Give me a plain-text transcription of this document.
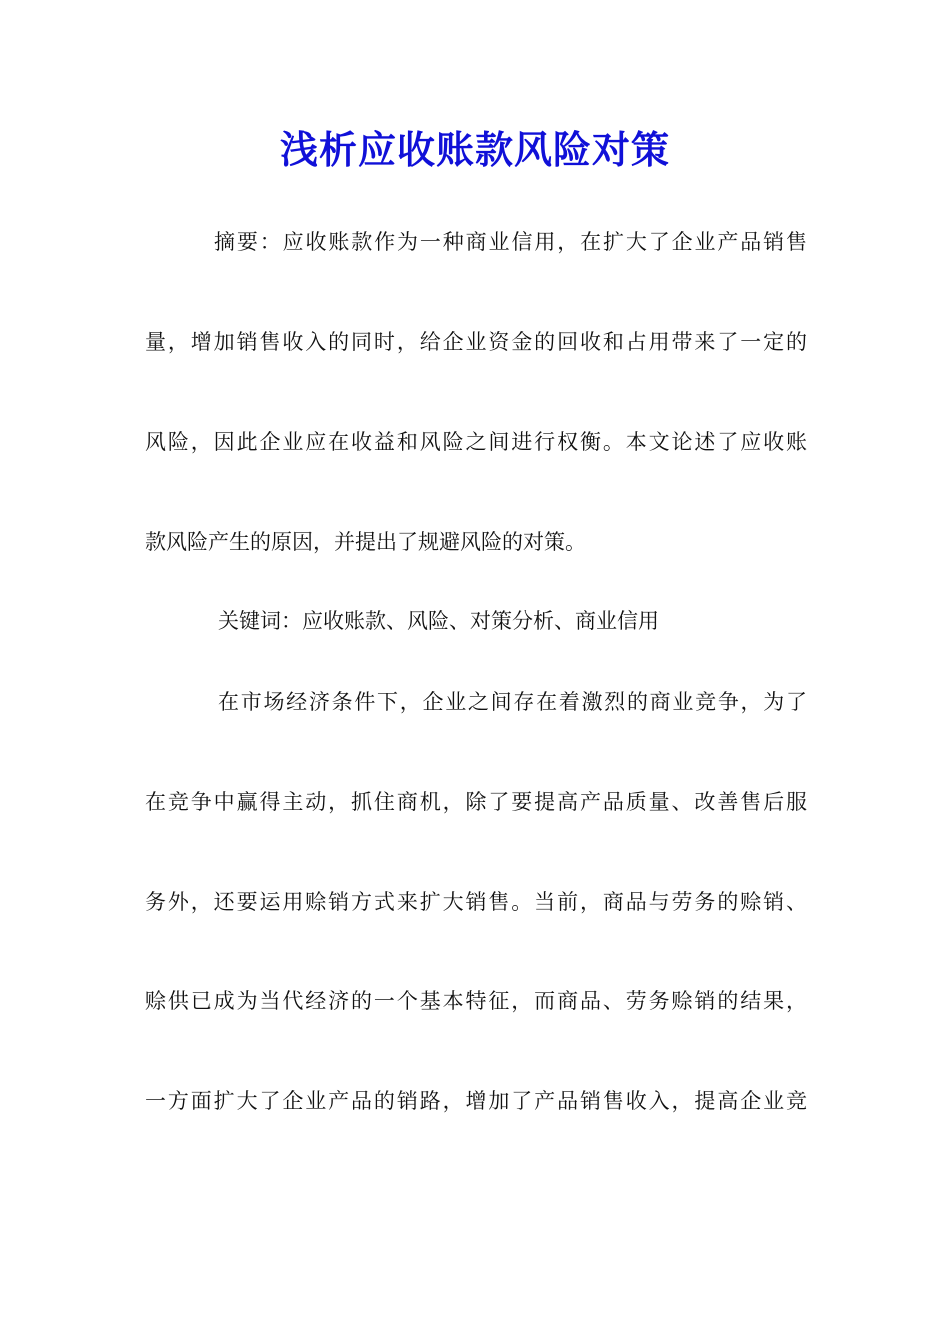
浅析应收账款风险对策
摘要：应收账款作为一种商业信用，在扩大了企业产品销售
量，增加销售收入的同时，给企业资金的回收和占用带来了一定的
风险，因此企业应在收益和风险之间进行权衡。本文论述了应收账
款风险产生的原因，并提出了规避风险的对策。
关键词：应收账款、风险、对策分析、商业信用
在市场经济条件下，企业之间存在着激烈的商业竞争，为了
在竞争中赢得主动，抓住商机，除了要提高产品质量、改善售后服
务外，还要运用赊销方式来扩大销售。当前，商品与劳务的赊销、
赊供已成为当代经济的一个基本特征，而商品、劳务赊销的结果，
一方面扩大了企业产品的销路，增加了产品销售收入，提高企业竞
